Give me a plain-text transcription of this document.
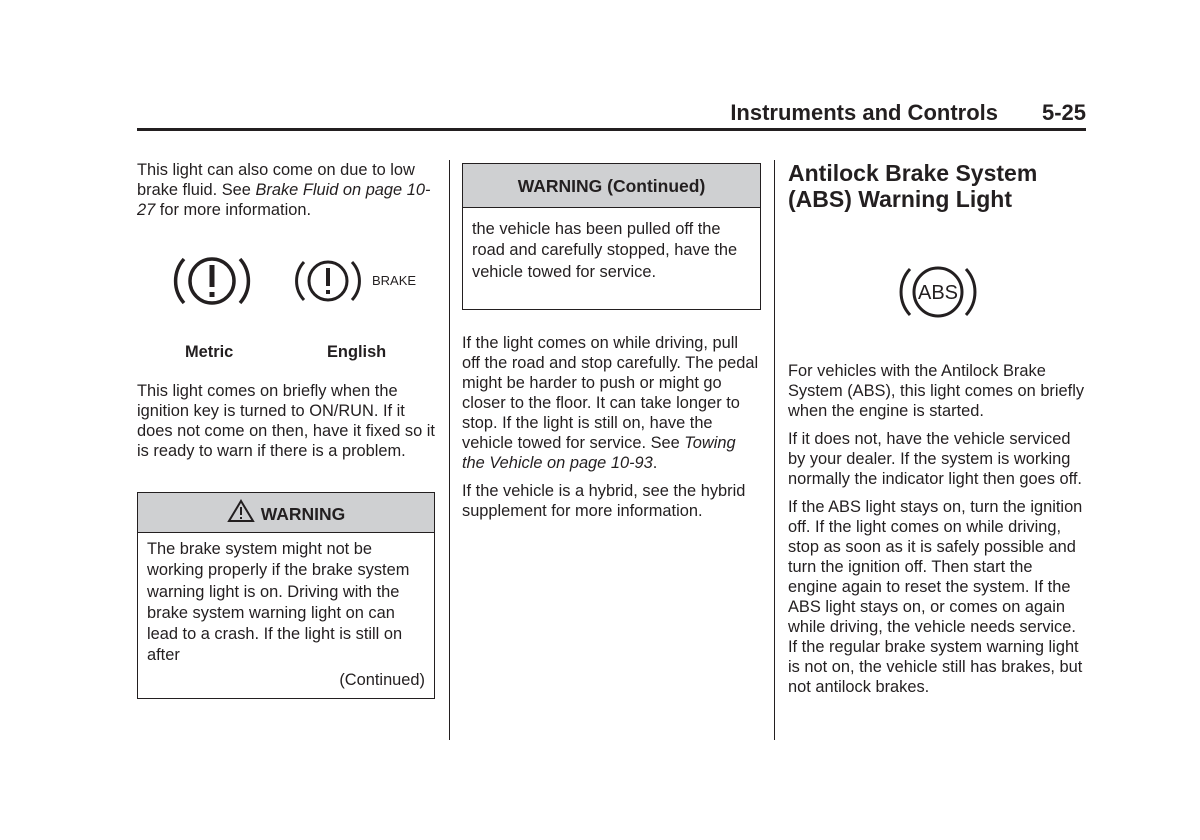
Instruments and Controls 5-25

This light can also come on due to low brake fluid. See Brake Fluid on page 10-27 for more information.

BRAKE
Metric	English

This light comes on briefly when the ignition key is turned to ON/RUN. If it does not come on then, have it fixed so it is ready to warn if there is a problem.

WARNING
The brake system might not be working properly if the brake system warning light is on. Driving with the brake system warning light on can lead to a crash. If the light is still on after
(Continued)
WARNING (Continued)
the vehicle has been pulled off the road and carefully stopped, have the vehicle towed for service.

If the light comes on while driving, pull off the road and stop carefully. The pedal might be harder to push or might go closer to the floor. It can take longer to stop. If the light is still on, have the vehicle towed for service. See Towing the Vehicle on page 10-93.

If the vehicle is a hybrid, see the hybrid supplement for more information.

Antilock Brake System (ABS) Warning Light
ABS

For vehicles with the Antilock Brake System (ABS), this light comes on briefly when the engine is started.

If it does not, have the vehicle serviced by your dealer. If the system is working normally the indicator light then goes off.

If the ABS light stays on, turn the ignition off. If the light comes on while driving, stop as soon as it is safely possible and turn the ignition off. Then start the engine again to reset the system. If the ABS light stays on, or comes on again while driving, the vehicle needs service. If the regular brake system warning light is not on, the vehicle still has brakes, but not antilock brakes.
